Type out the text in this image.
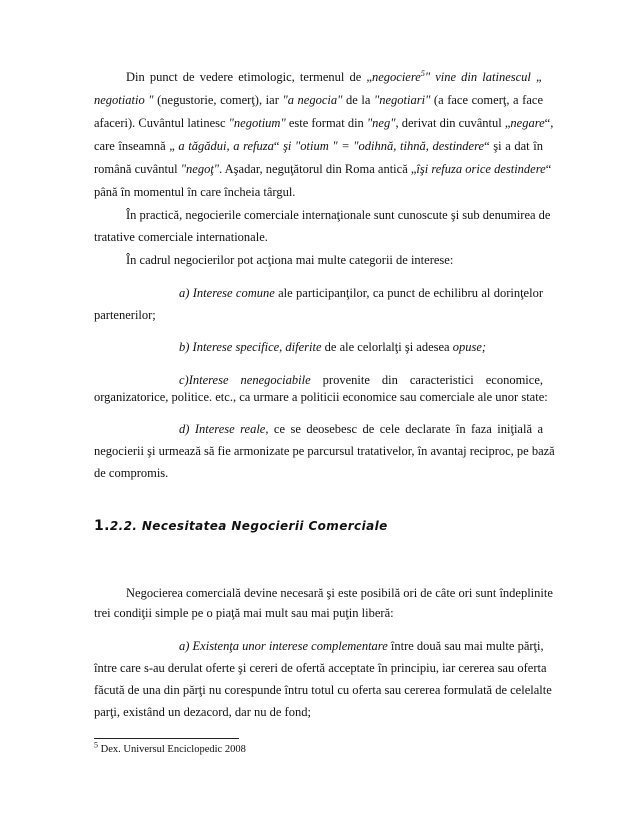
Din punct de vedere etimologic, termenul de „negociere$^5$" vine din latinescul „
negotiatio " (negustorie, comerţ), iar "a negocia" de la "negotiari" (a face comerţ, a face
afaceri). Cuvântul latinesc "negotium" este format din "neg", derivat din cuvântul „negare“,
care înseamnă „ a tăgădui, a refuza“ şi "otium " = "odihnă, tihnă, destindere“ şi a dat în
română cuvântul "negoţ". Aşadar, neguţătorul din Roma antică „îşi refuza orice destindere“
până în momentul în care încheia târgul.
În practică, negocierile comerciale internaţionale sunt cunoscute şi sub denumirea de
tratative comerciale internationale.
În cadrul negocierilor pot acţiona mai multe categorii de interese:
a) Interese comune ale participanţilor, ca punct de echilibru al dorinţelor
partenerilor;
b) Interese specifice, diferite de ale celorlalţi şi adesea opuse;
c)Interese nenegociabile provenite din caracteristici economice,
organizatorice, politice. etc., ca urmare a politicii economice sau comerciale ale unor state:
d) Interese reale, ce se deosebesc de cele declarate în faza iniţială a
negocierii şi urmează să fie armonizate pe parcursul tratativelor, în avantaj reciproc, pe bază
de compromis.
1.2.2. Necesitatea Negocierii Comerciale
Negocierea comercială devine necesară şi este posibilă ori de câte ori sunt îndeplinite
trei condiţii simple pe o piaţă mai mult sau mai puţin liberă:
a) Existenţa unor interese complementare între două sau mai multe părţi,
între care s-au derulat oferte şi cereri de ofertă acceptate în principiu, iar cererea sau oferta
făcută de una din părţi nu corespunde întru totul cu oferta sau cererea formulată de celelalte
parţi, existând un dezacord, dar nu de fond;
$^5$ Dex. Universul Enciclopedic 2008
